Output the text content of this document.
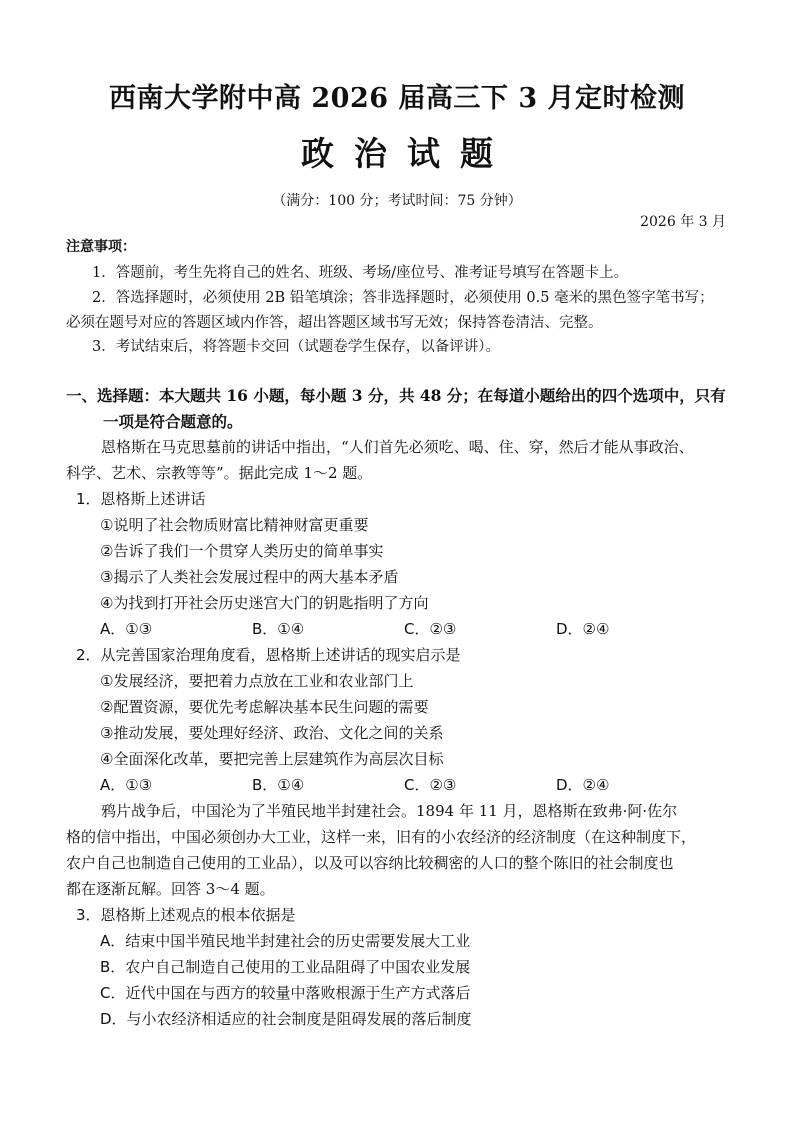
西南大学附中高 2026 届高三下 3 月定时检测
政治试题
（满分：100 分；考试时间：75 分钟）
2026 年 3 月
注意事项：
1．答题前，考生先将自己的姓名、班级、考场/座位号、准考证号填写在答题卡上。
2．答选择题时，必须使用 2B 铅笔填涂；答非选择题时，必须使用 0.5 毫米的黑色签字笔书写；
必须在题号对应的答题区域内作答，超出答题区域书写无效；保持答卷清洁、完整。
3．考试结束后，将答题卡交回（试题卷学生保存，以备评讲）。
一、选择题：本大题共 16 小题，每小题 3 分，共 48 分；在每道小题给出的四个选项中，只有
一项是符合题意的。
恩格斯在马克思墓前的讲话中指出，“人们首先必须吃、喝、住、穿，然后才能从事政治、
科学、艺术、宗教等等”。据此完成 1～2 题。
1．恩格斯上述讲话
①说明了社会物质财富比精神财富更重要
②告诉了我们一个贯穿人类历史的简单事实
③揭示了人类社会发展过程中的两大基本矛盾
④为找到打开社会历史迷宫大门的钥匙指明了方向
A．①③	B．①④	C．②③	D．②④
2．从完善国家治理角度看，恩格斯上述讲话的现实启示是
①发展经济，要把着力点放在工业和农业部门上
②配置资源，要优先考虑解决基本民生问题的需要
③推动发展，要处理好经济、政治、文化之间的关系
④全面深化改革，要把完善上层建筑作为高层次目标
A．①③	B．①④	C．②③	D．②④
鸦片战争后，中国沦为了半殖民地半封建社会。1894 年 11 月，恩格斯在致弗·阿·佐尔
格的信中指出，中国必须创办大工业，这样一来，旧有的小农经济的经济制度（在这种制度下，
农户自己也制造自己使用的工业品），以及可以容纳比较稠密的人口的整个陈旧的社会制度也
都在逐渐瓦解。回答 3～4 题。
3．恩格斯上述观点的根本依据是
A．结束中国半殖民地半封建社会的历史需要发展大工业
B．农户自己制造自己使用的工业品阻碍了中国农业发展
C．近代中国在与西方的较量中落败根源于生产方式落后
D．与小农经济相适应的社会制度是阻碍发展的落后制度
